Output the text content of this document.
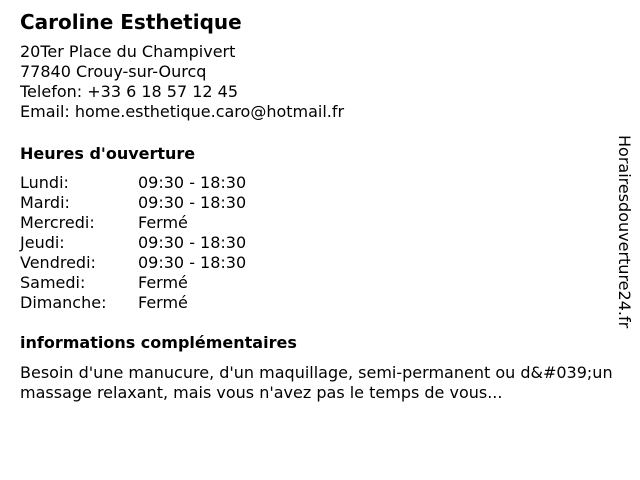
Caroline Esthetique
20Ter Place du Champivert
77840 Crouy-sur-Ourcq
Telefon: +33 6 18 57 12 45
Email: home.esthetique.caro@hotmail.fr
Heures d'ouverture
Lundi:	09:30 - 18:30
Mardi:	09:30 - 18:30
Mercredi:	Fermé
Jeudi:	09:30 - 18:30
Vendredi:	09:30 - 18:30
Samedi:	Fermé
Dimanche:	Fermé
informations complémentaires
Besoin d'une manucure, d'un maquillage, semi-permanent ou d&#039;un massage relaxant, mais vous n'avez pas le temps de vous...
Horairesdouverture24.fr
